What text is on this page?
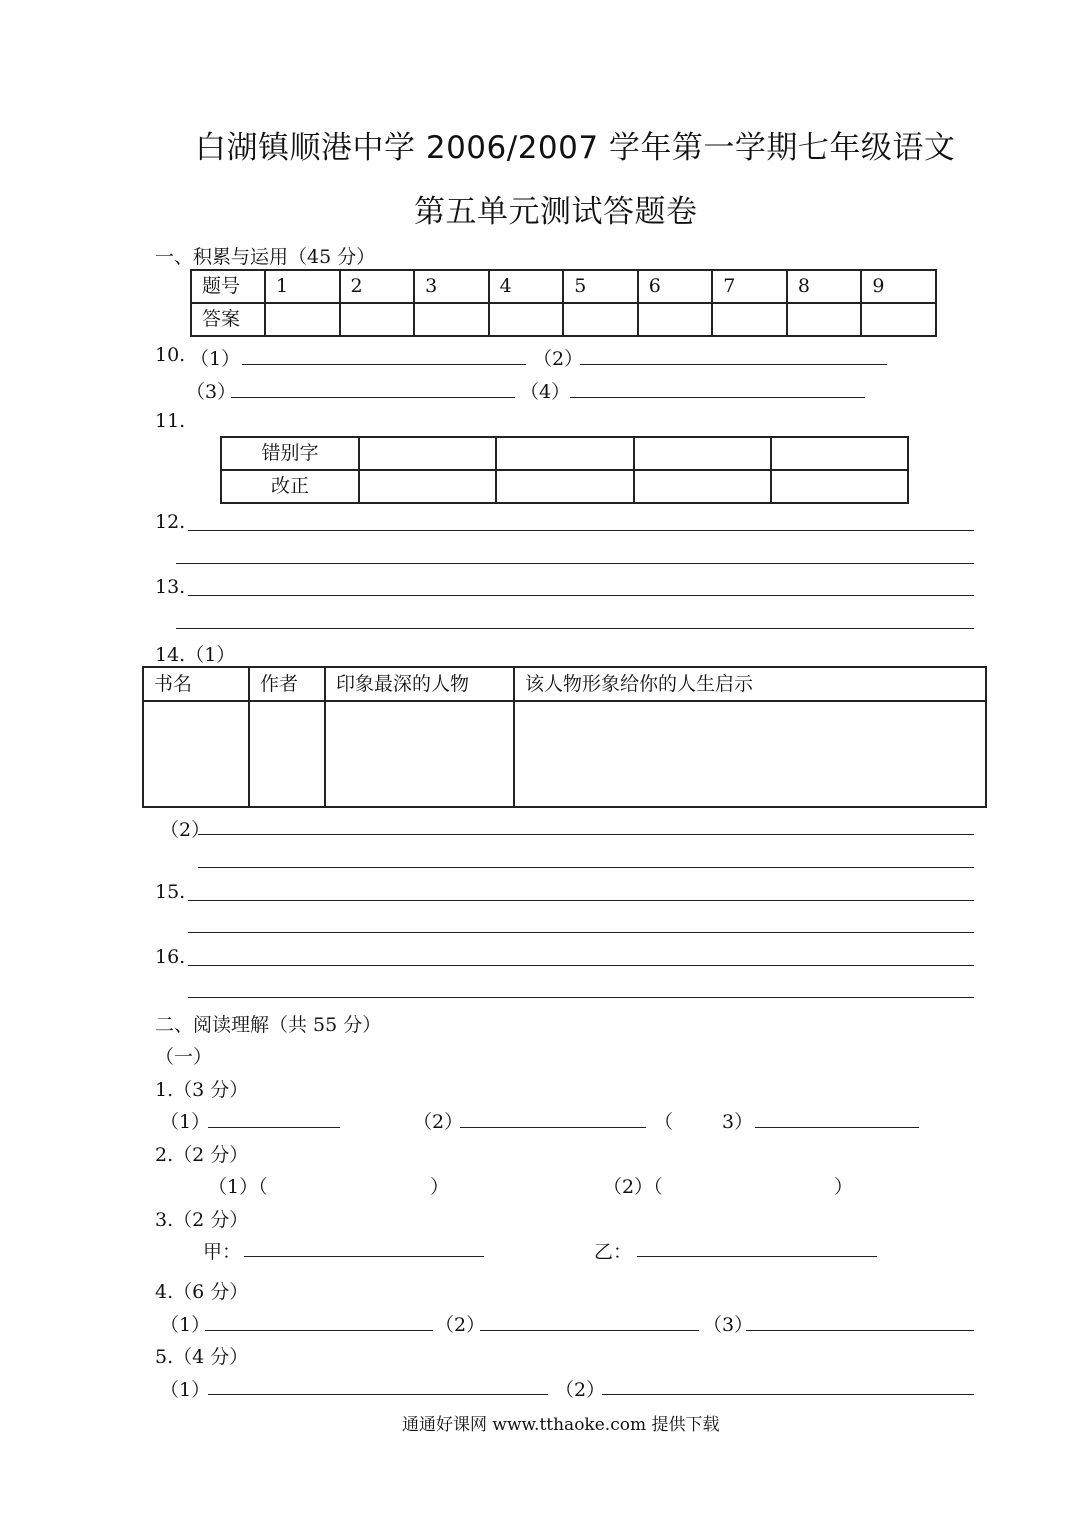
白湖镇顺港中学 2006/2007 学年第一学期七年级语文
第五单元测试答题卷
一、积累与运用（45 分）
题号	1	2	3	4	5	6	7	8	9
答案									
10. （1）	（2）
（3）	（4）
11.
错别字				
改正				
12.
13.
14.（1）
书名	作者	印象最深的人物	该人物形象给你的人生启示

（2）
15.
16.
二、阅读理解（共 55 分）
（一）
1.（3 分）
（1）	（2）	（	3）
2.（2 分）
（1）（	）	（2）（	）
3.（2 分）
甲：	乙：
4.（6 分）
（1）	（2）	（3）
5.（4 分）
（1）	（2）
通通好课网 www.tthaoke.com 提供下载
